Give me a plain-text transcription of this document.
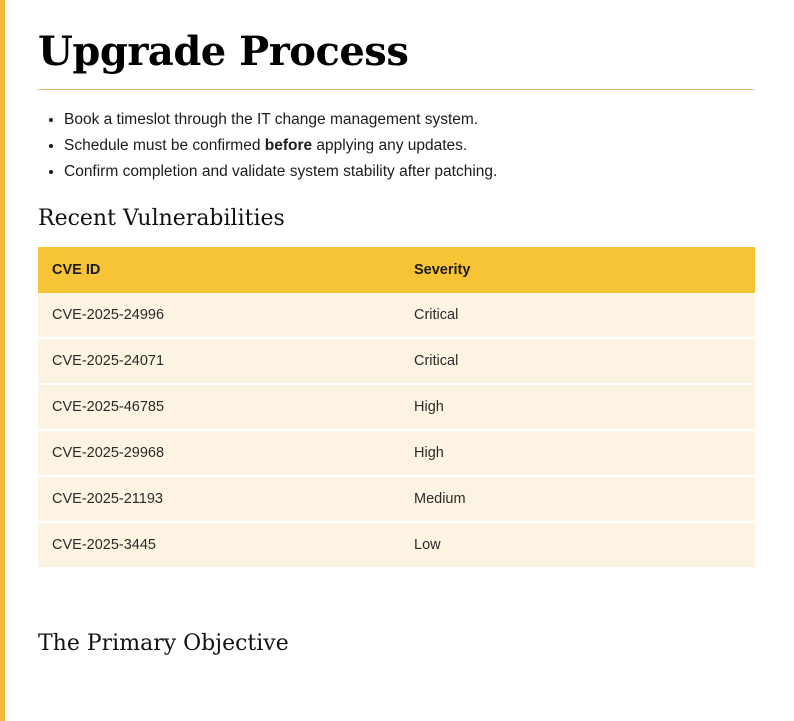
Upgrade Process
• Book a timeslot through the IT change management system.
• Schedule must be confirmed before applying any updates.
• Confirm completion and validate system stability after patching.
Recent Vulnerabilities
CVE ID	Severity
CVE-2025-24996	Critical
CVE-2025-24071	Critical
CVE-2025-46785	High
CVE-2025-29968	High
CVE-2025-21193	Medium
CVE-2025-3445	Low
The Primary Objective
